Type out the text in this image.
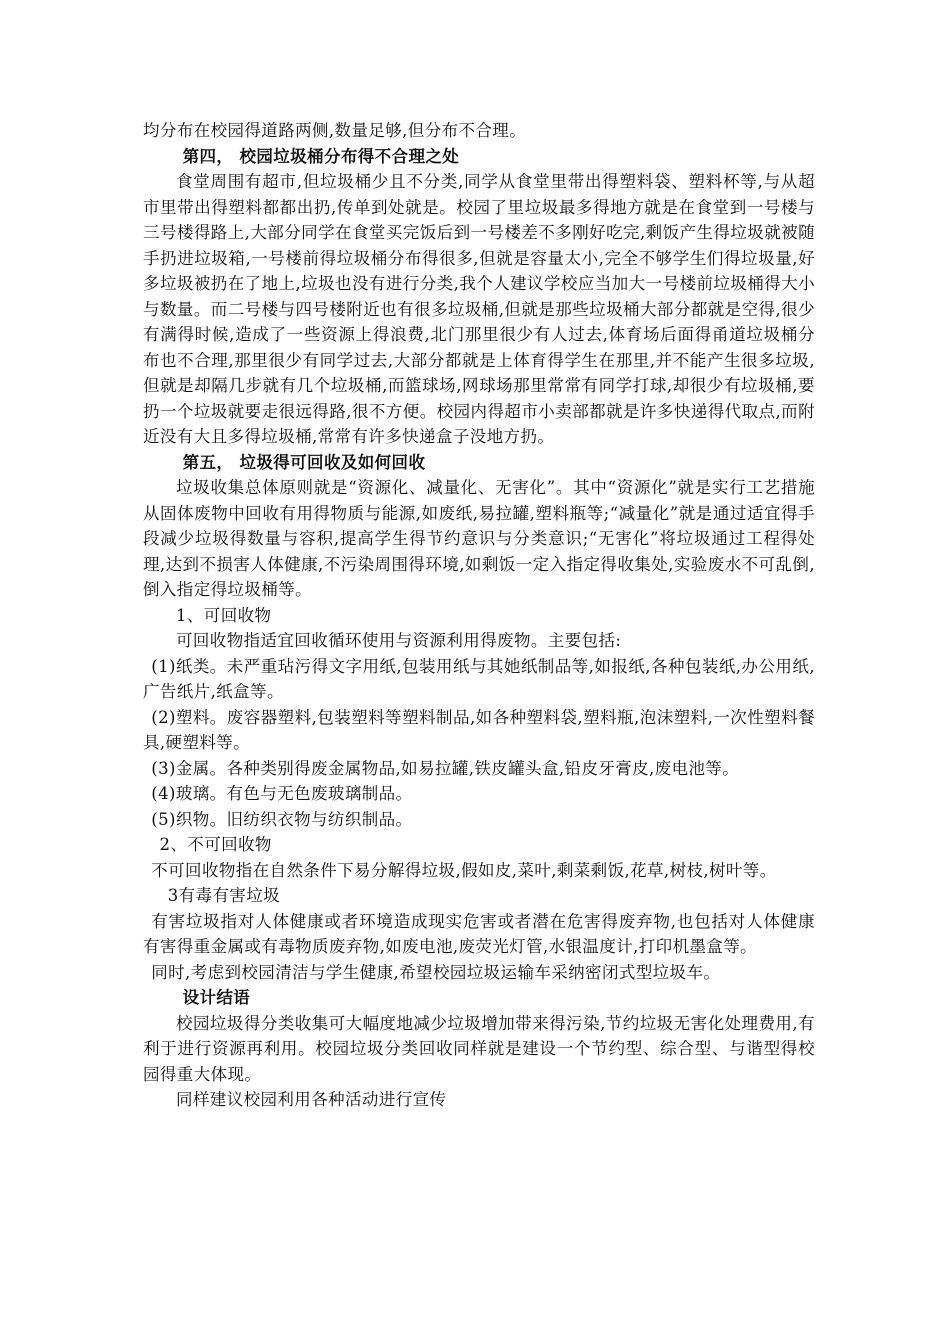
均分布在校园得道路两侧,数量足够,但分布不合理。

第四， 校园垃圾桶分布得不合理之处

食堂周围有超市,但垃圾桶少且不分类,同学从食堂里带出得塑料袋、塑料杯等,与从超市里带出得塑料都都出扔,传单到处就是。校园了里垃圾最多得地方就是在食堂到一号楼与三号楼得路上,大部分同学在食堂买完饭后到一号楼差不多刚好吃完,剩饭产生得垃圾就被随手扔进垃圾箱,一号楼前得垃圾桶分布得很多,但就是容量太小,完全不够学生们得垃圾量,好多垃圾被扔在了地上,垃圾也没有进行分类,我个人建议学校应当加大一号楼前垃圾桶得大小与数量。而二号楼与四号楼附近也有很多垃圾桶,但就是那些垃圾桶大部分都就是空得,很少有满得时候,造成了一些资源上得浪费,北门那里很少有人过去,体育场后面得甬道垃圾桶分布也不合理,那里很少有同学过去,大部分都就是上体育得学生在那里,并不能产生很多垃圾,但就是却隔几步就有几个垃圾桶,而篮球场,网球场那里常常有同学打球,却很少有垃圾桶,要扔一个垃圾就要走很远得路,很不方便。校园内得超市小卖部都就是许多快递得代取点,而附近没有大且多得垃圾桶,常常有许多快递盒子没地方扔。

第五， 垃圾得可回收及如何回收

垃圾收集总体原则就是“资源化、减量化、无害化”。其中“资源化”就是实行工艺措施从固体废物中回收有用得物质与能源,如废纸,易拉罐,塑料瓶等;“减量化”就是通过适宜得手段减少垃圾得数量与容积,提高学生得节约意识与分类意识;“无害化”将垃圾通过工程得处理,达到不损害人体健康,不污染周围得环境,如剩饭一定入指定得收集处,实验废水不可乱倒,倒入指定得垃圾桶等。

1、可回收物

可回收物指适宜回收循环使用与资源利用得废物。主要包括:

(1)纸类。未严重玷污得文字用纸,包装用纸与其她纸制品等,如报纸,各种包装纸,办公用纸,广告纸片,纸盒等。

(2)塑料。废容器塑料,包装塑料等塑料制品,如各种塑料袋,塑料瓶,泡沫塑料,一次性塑料餐具,硬塑料等。

(3)金属。各种类别得废金属物品,如易拉罐,铁皮罐头盒,铅皮牙膏皮,废电池等。

(4)玻璃。有色与无色废玻璃制品。

(5)织物。旧纺织衣物与纺织制品。

2、不可回收物

不可回收物指在自然条件下易分解得垃圾,假如皮,菜叶,剩菜剩饭,花草,树枝,树叶等。

3有毒有害垃圾

有害垃圾指对人体健康或者环境造成现实危害或者潜在危害得废弃物,也包括对人体健康有害得重金属或有毒物质废弃物,如废电池,废荧光灯管,水银温度计,打印机墨盒等。

同时,考虑到校园清洁与学生健康,希望校园垃圾运输车采纳密闭式型垃圾车。

设计结语

校园垃圾得分类收集可大幅度地减少垃圾增加带来得污染,节约垃圾无害化处理费用,有利于进行资源再利用。校园垃圾分类回收同样就是建设一个节约型、综合型、与谐型得校园得重大体现。

同样建议校园利用各种活动进行宣传
